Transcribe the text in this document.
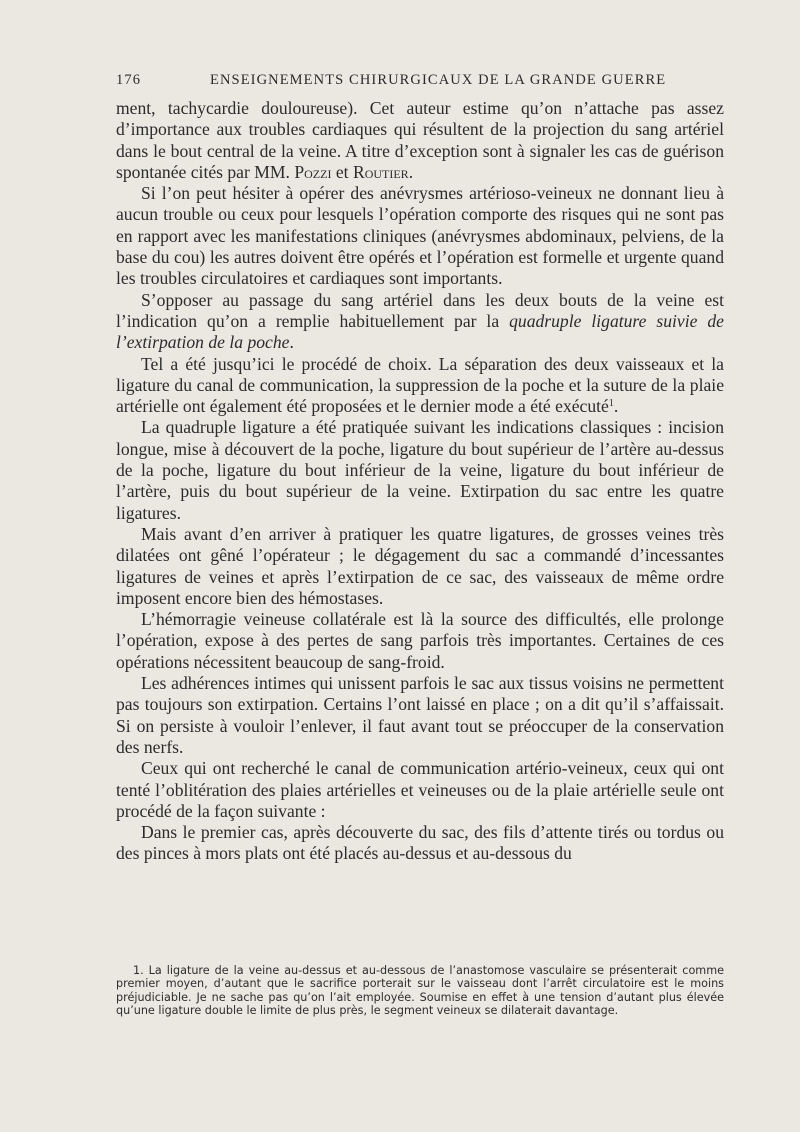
176	ENSEIGNEMENTS CHIRURGICAUX DE LA GRANDE GUERRE

ment, tachycardie douloureuse). Cet auteur estime qu’on n’attache pas assez d’importance aux troubles cardiaques qui résultent de la projection du sang artériel dans le bout central de la veine. A titre d’exception sont à signaler les cas de guérison spontanée cités par MM. Pozzi et Routier.

Si l’on peut hésiter à opérer des anévrysmes artérioso-veineux ne donnant lieu à aucun trouble ou ceux pour lesquels l’opération comporte des risques qui ne sont pas en rapport avec les manifestations cliniques (anévrysmes abdominaux, pelviens, de la base du cou) les autres doivent être opérés et l’opération est formelle et urgente quand les troubles circulatoires et cardiaques sont importants.

S’opposer au passage du sang artériel dans les deux bouts de la veine est l’indication qu’on a remplie habituellement par la quadruple ligature suivie de l’extirpation de la poche.

Tel a été jusqu’ici le procédé de choix. La séparation des deux vaisseaux et la ligature du canal de communication, la suppression de la poche et la suture de la plaie artérielle ont également été proposées et le dernier mode a été exécuté$^1$.

La quadruple ligature a été pratiquée suivant les indications classiques : incision longue, mise à découvert de la poche, ligature du bout supérieur de l’artère au-dessus de la poche, ligature du bout inférieur de la veine, ligature du bout inférieur de l’artère, puis du bout supérieur de la veine. Extirpation du sac entre les quatre ligatures.

Mais avant d’en arriver à pratiquer les quatre ligatures, de grosses veines très dilatées ont gêné l’opérateur ; le dégagement du sac a commandé d’incessantes ligatures de veines et après l’extirpation de ce sac, des vaisseaux de même ordre imposent encore bien des hémostases.

L’hémorragie veineuse collatérale est là la source des difficultés, elle prolonge l’opération, expose à des pertes de sang parfois très importantes. Certaines de ces opérations nécessitent beaucoup de sang-froid.

Les adhérences intimes qui unissent parfois le sac aux tissus voisins ne permettent pas toujours son extirpation. Certains l’ont laissé en place ; on a dit qu’il s’affaissait. Si on persiste à vouloir l’enlever, il faut avant tout se préoccuper de la conservation des nerfs.

Ceux qui ont recherché le canal de communication artério-veineux, ceux qui ont tenté l’oblitération des plaies artérielles et veineuses ou de la plaie artérielle seule ont procédé de la façon suivante :

Dans le premier cas, après découverte du sac, des fils d’attente tirés ou tordus ou des pinces à mors plats ont été placés au-dessus et au-dessous du

1. La ligature de la veine au-dessus et au-dessous de l’anastomose vasculaire se présenterait comme premier moyen, d’autant que le sacrifice porterait sur le vaisseau dont l’arrêt circulatoire est le moins préjudiciable. Je ne sache pas qu’on l’ait employée. Soumise en effet à une tension d’autant plus élevée qu’une ligature double le limite de plus près, le segment veineux se dilaterait davantage.
